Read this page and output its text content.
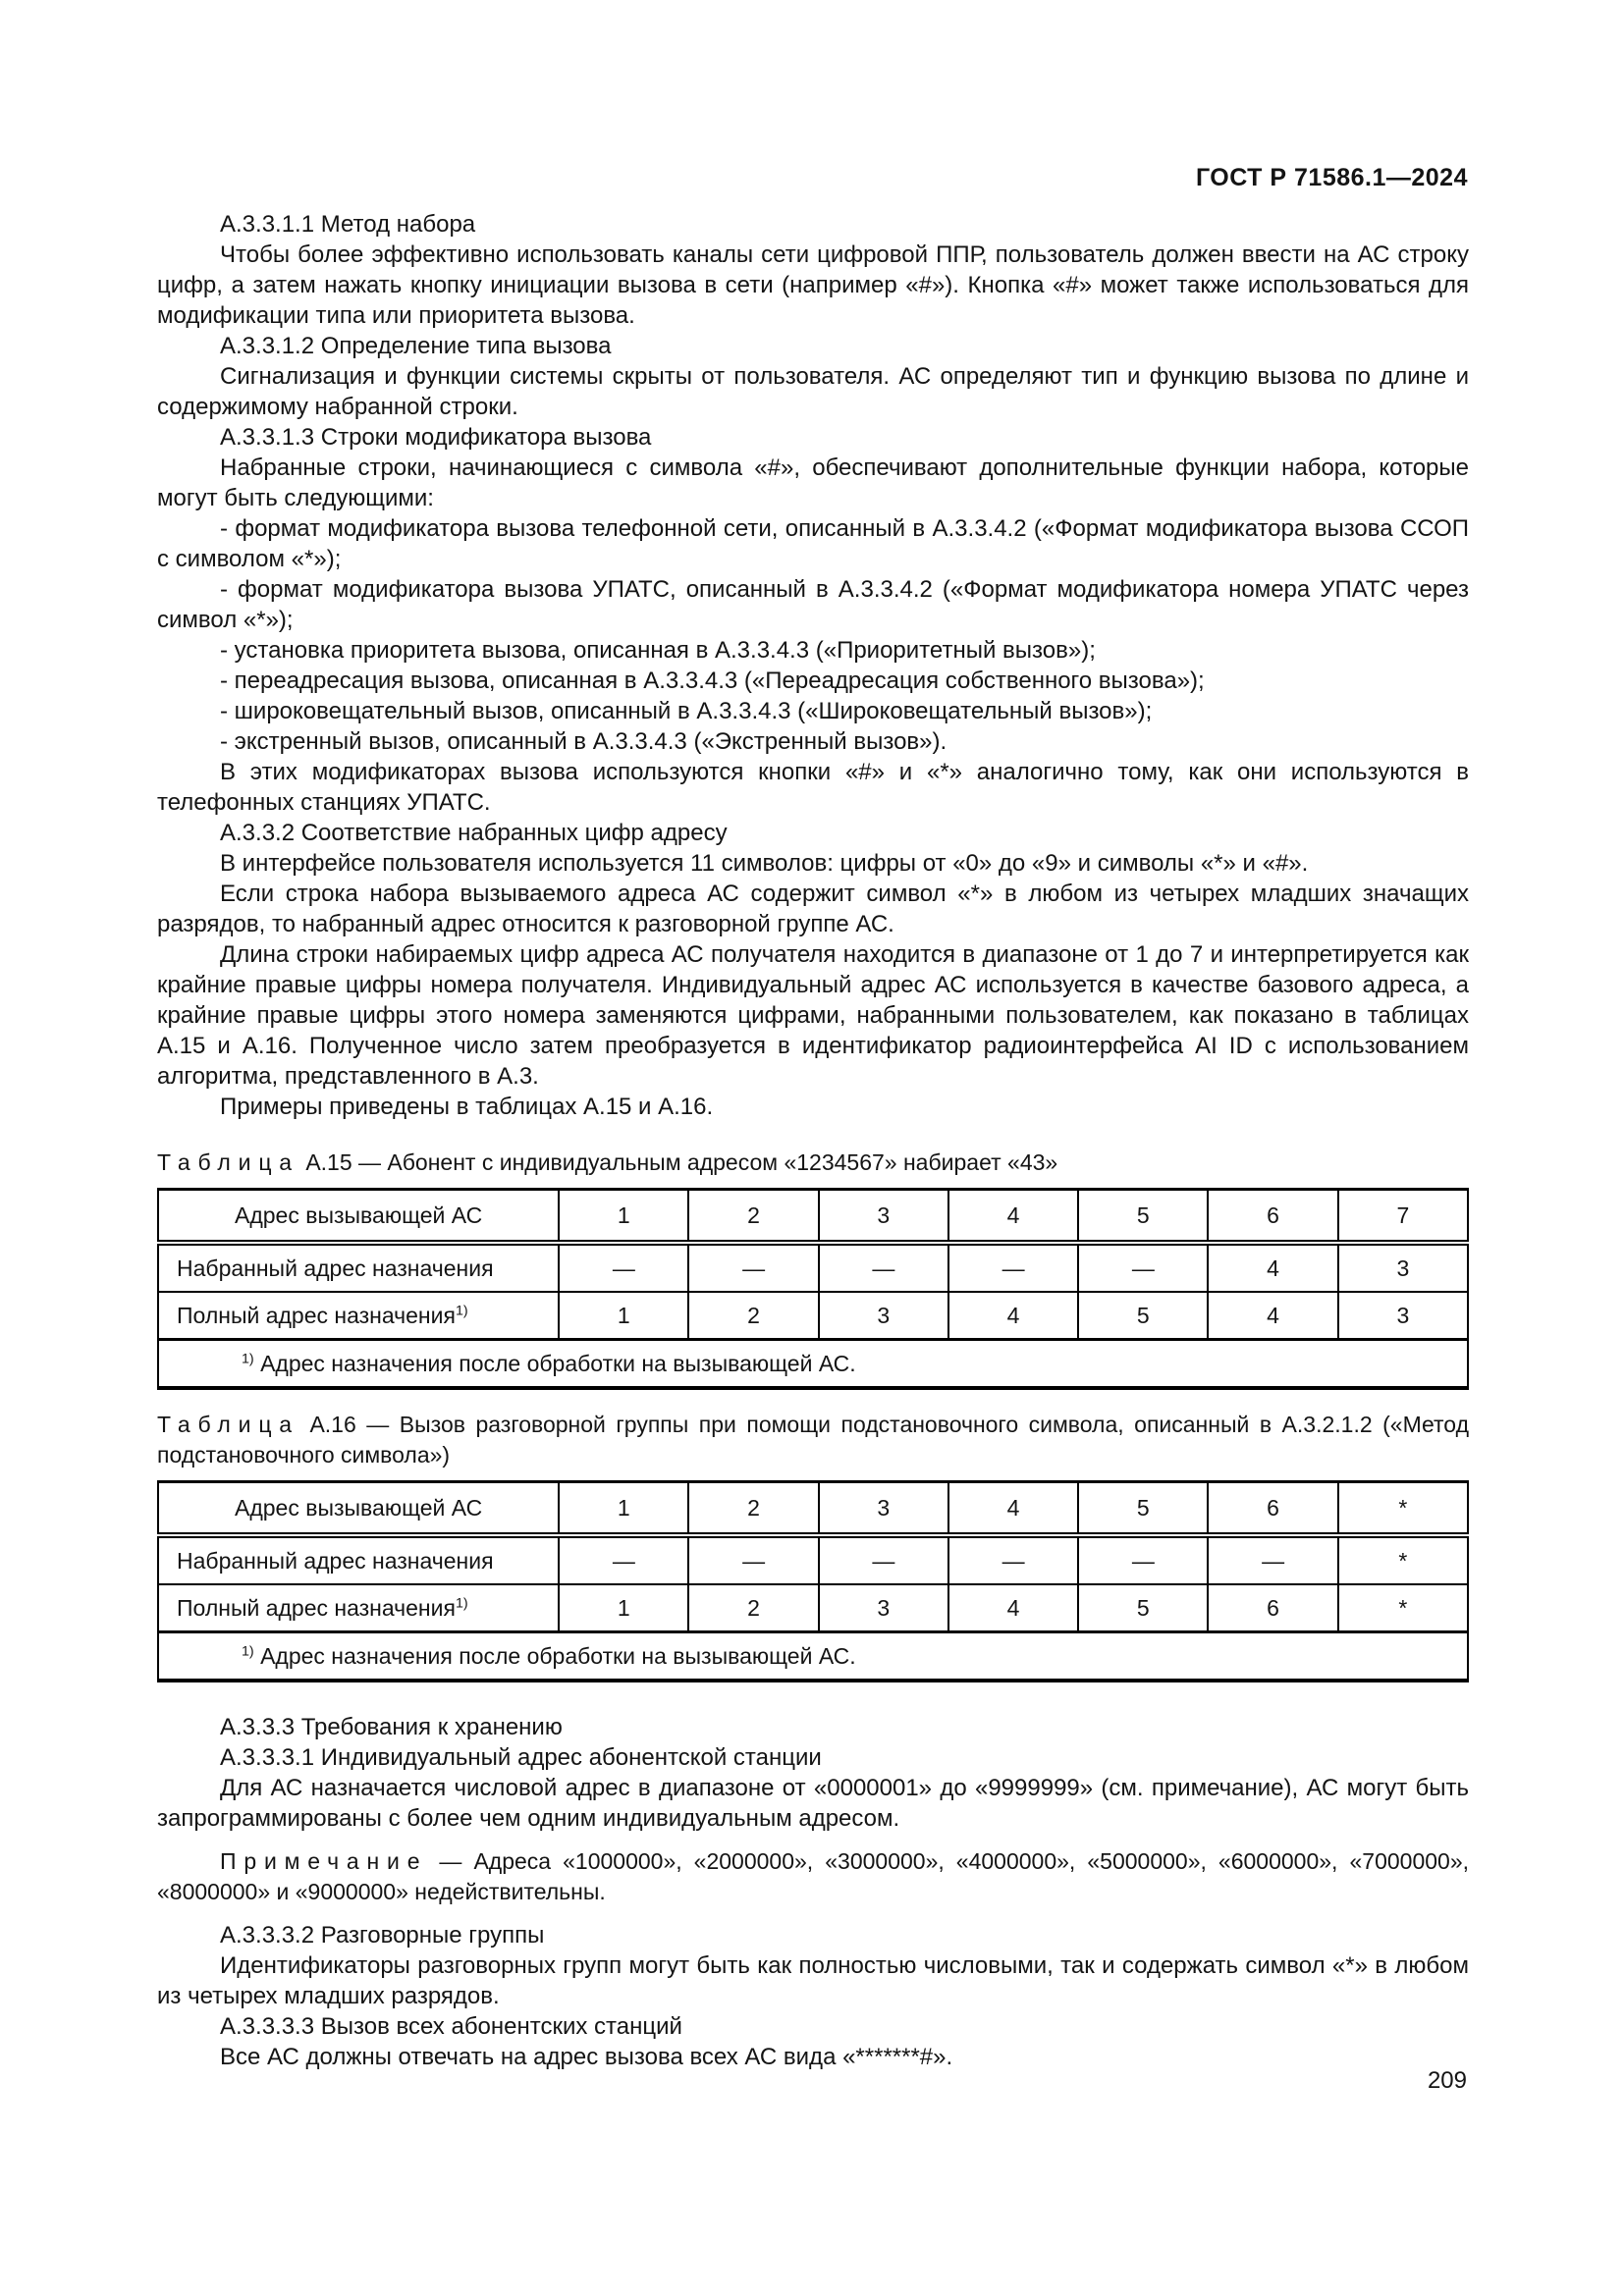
ГОСТ Р 71586.1—2024

А.3.3.1.1 Метод набора

Чтобы более эффективно использовать каналы сети цифровой ППР, пользователь должен ввести на АС строку цифр, а затем нажать кнопку инициации вызова в сети (например «#»). Кнопка «#» может также использоваться для модификации типа или приоритета вызова.

А.3.3.1.2 Определение типа вызова

Сигнализация и функции системы скрыты от пользователя. АС определяют тип и функцию вызова по длине и содержимому набранной строки.

А.3.3.1.3 Строки модификатора вызова

Набранные строки, начинающиеся с символа «#», обеспечивают дополнительные функции набора, которые могут быть следующими:

- формат модификатора вызова телефонной сети, описанный в А.3.3.4.2 («Формат модификатора вызова ССОП с символом «*»);

- формат модификатора вызова УПАТС, описанный в А.3.3.4.2 («Формат модификатора номера УПАТС через символ «*»);

- установка приоритета вызова, описанная в А.3.3.4.3 («Приоритетный вызов»);

- переадресация вызова, описанная в А.3.3.4.3 («Переадресация собственного вызова»);

- широковещательный вызов, описанный в А.3.3.4.3 («Широковещательный вызов»);

- экстренный вызов, описанный в А.3.3.4.3 («Экстренный вызов»).

В этих модификаторах вызова используются кнопки «#» и «*» аналогично тому, как они используются в телефонных станциях УПАТС.

А.3.3.2 Соответствие набранных цифр адресу

В интерфейсе пользователя используется 11 символов: цифры от «0» до «9» и символы «*» и «#».

Если строка набора вызываемого адреса АС содержит символ «*» в любом из четырех младших значащих разрядов, то набранный адрес относится к разговорной группе АС.

Длина строки набираемых цифр адреса АС получателя находится в диапазоне от 1 до 7 и интерпретируется как крайние правые цифры номера получателя. Индивидуальный адрес АС используется в качестве базового адреса, а крайние правые цифры этого номера заменяются цифрами, набранными пользователем, как показано в таблицах А.15 и А.16. Полученное число затем преобразуется в идентификатор радиоинтерфейса AI ID с использованием алгоритма, представленного в А.3.

Примеры приведены в таблицах А.15 и А.16.

Таблица А.15 — Абонент с индивидуальным адресом «1234567» набирает «43»
Адрес вызывающей АС	1	2	3	4	5	6	7
Набранный адрес назначения	—	—	—	—	—	4	3
Полный адрес назначения$^{1)}$	1	2	3	4	5	4	3
$^{1)}$ Адрес назначения после обработки на вызывающей АС.							
Таблица А.16 — Вызов разговорной группы при помощи подстановочного символа, описанный в А.3.2.1.2 («Метод подстановочного символа»)
Адрес вызывающей АС	1	2	3	4	5	6	*
Набранный адрес назначения	—	—	—	—	—	—	*
Полный адрес назначения$^{1)}$	1	2	3	4	5	6	*
$^{1)}$ Адрес назначения после обработки на вызывающей АС.							

А.3.3.3 Требования к хранению

А.3.3.3.1 Индивидуальный адрес абонентской станции

Для АС назначается числовой адрес в диапазоне от «0000001» до «9999999» (см. примечание), АС могут быть запрограммированы с более чем одним индивидуальным адресом.

Примечание — Адреса «1000000», «2000000», «3000000», «4000000», «5000000», «6000000», «7000000», «8000000» и «9000000» недействительны.

А.3.3.3.2 Разговорные группы

Идентификаторы разговорных групп могут быть как полностью числовыми, так и содержать символ «*» в любом из четырех младших разрядов.

А.3.3.3.3 Вызов всех абонентских станций

Все АС должны отвечать на адрес вызова всех АС вида «*******#».

209
